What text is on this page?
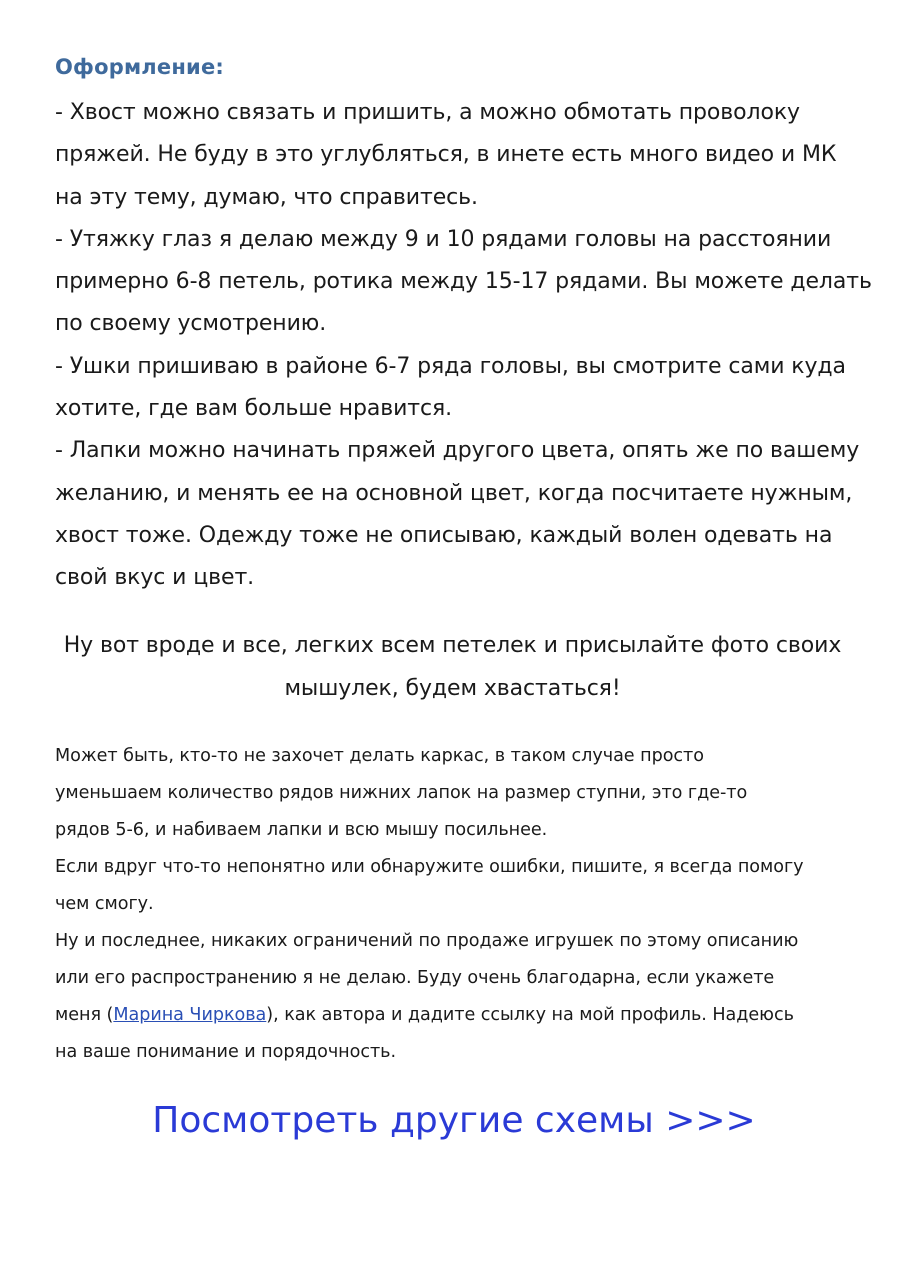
Оформление:

- Хвост можно связать и пришить, а можно обмотать проволоку

пряжей. Не буду в это углубляться, в инете есть много видео и МК

на эту тему, думаю, что справитесь.

- Утяжку глаз я делаю между 9 и 10 рядами головы на расстоянии

примерно 6-8 петель, ротика между 15-17 рядами. Вы можете делать

по своему усмотрению.

- Ушки пришиваю в районе 6-7 ряда головы, вы смотрите сами куда

хотите, где вам больше нравится.

- Лапки можно начинать пряжей другого цвета, опять же по вашему

желанию, и менять ее на основной цвет, когда посчитаете нужным,

хвост тоже. Одежду тоже не описываю, каждый волен одевать на

свой вкус и цвет.

Ну вот вроде и все, легких всем петелек и присылайте фото своих

мышулек, будем хвастаться!

Может быть, кто-то не захочет делать каркас, в таком случае просто

уменьшаем количество рядов нижних лапок на размер ступни, это где-то

рядов 5-6, и набиваем лапки и всю мышу посильнее.

Если вдруг что-то непонятно или обнаружите ошибки, пишите, я всегда помогу

чем смогу.

Ну и последнее, никаких ограничений по продаже игрушек по этому описанию

или его распространению я не делаю. Буду очень благодарна, если укажете

меня (Марина Чиркова), как автора и дадите ссылку на мой профиль. Надеюсь

на ваше понимание и порядочность.

Посмотреть другие схемы >>>
